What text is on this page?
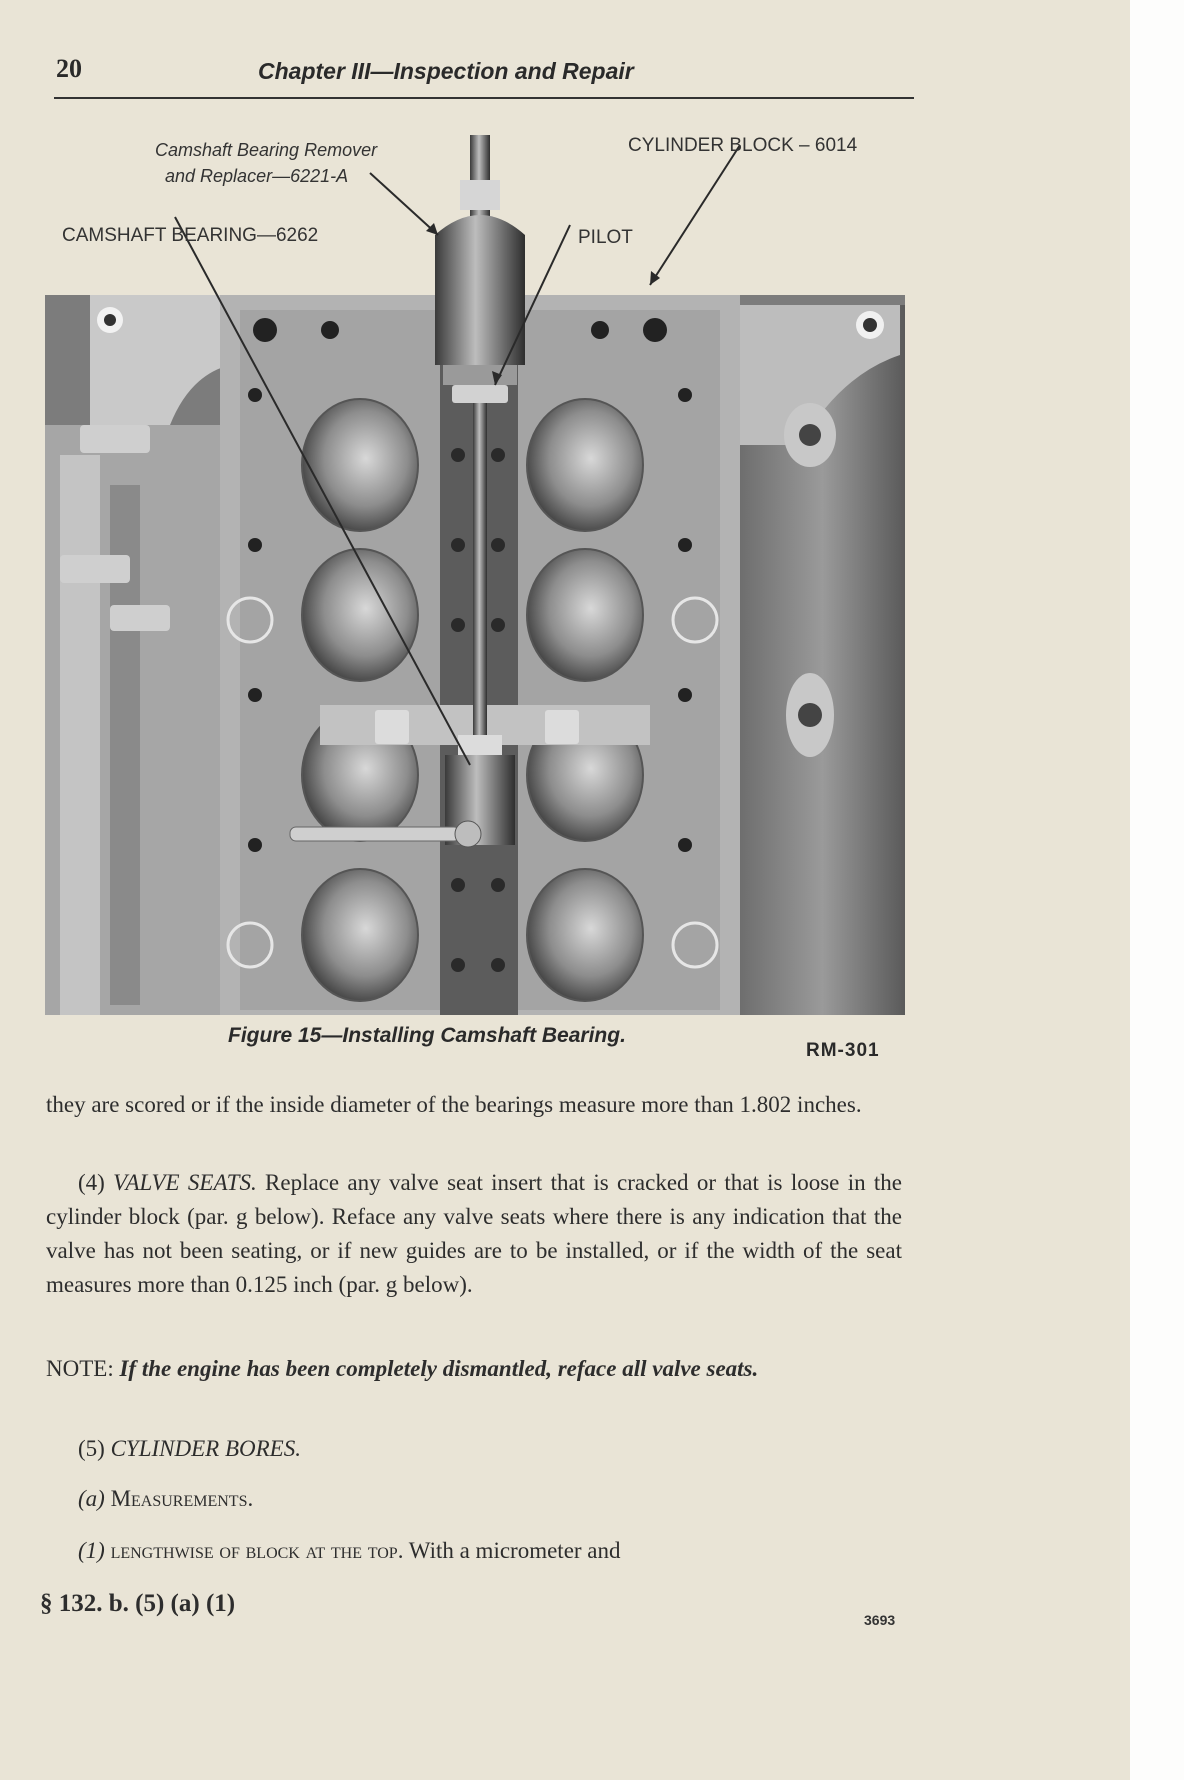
20	Chapter III—Inspection and Repair
Camshaft Bearing Remover
and Replacer—6221-A
CYLINDER BLOCK – 6014
CAMSHAFT BEARING—6262	PILOT
Figure 15—Installing Camshaft Bearing.
RM-301
they are scored or if the inside diameter of the bearings measure more than 1.802 inches.
(4) VALVE SEATS. Replace any valve seat insert that is cracked or that is loose in the cylinder block (par. g below). Reface any valve seats where there is any indication that the valve has not been seating, or if new guides are to be installed, or if the width of the seat measures more than 0.125 inch (par. g below).
NOTE: If the engine has been completely dismantled, reface all valve seats.
(5) CYLINDER BORES.
(a) Measurements.
(1) lengthwise of block at the top. With a micrometer and
§ 132. b. (5) (a) (1)
3693
